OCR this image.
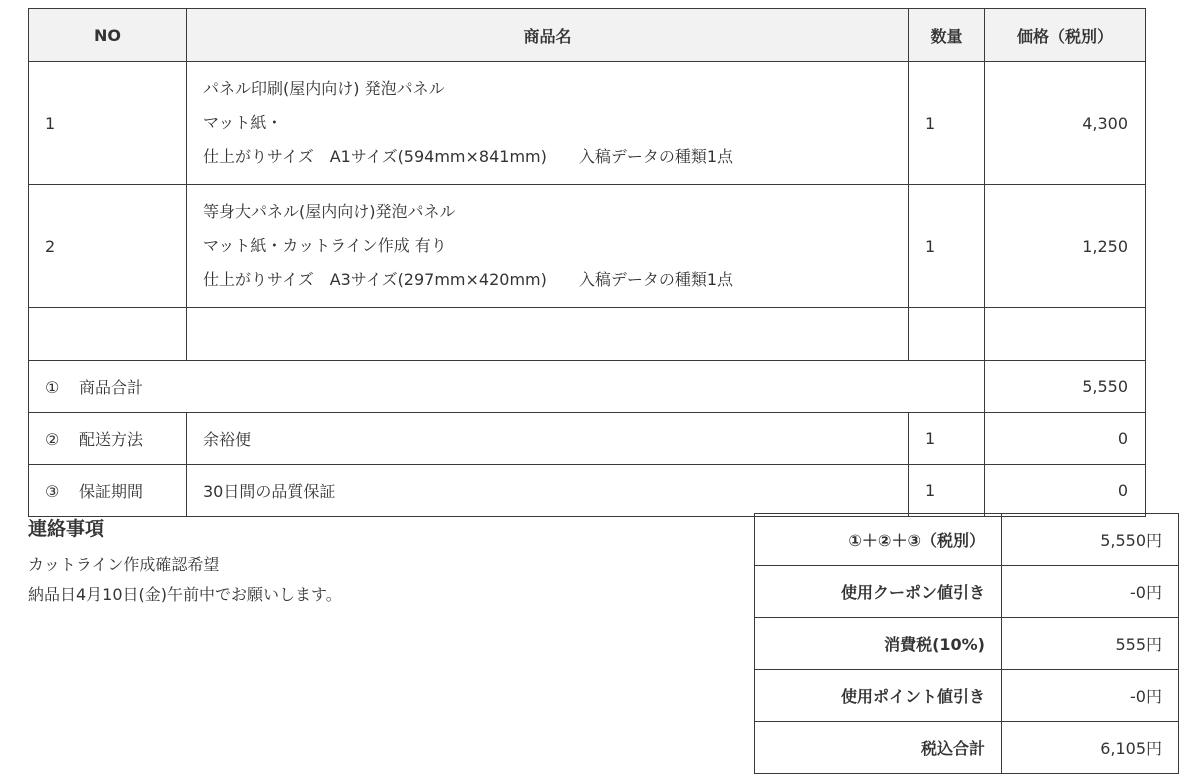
NO	商品名	数量	価格（税別）
1	パネル印刷(屋内向け) 発泡パネル
マット紙・
仕上がりサイズ　A1サイズ(594mm×841mm)　　入稿データの種類1点	1	4,300
2	等身大パネル(屋内向け)発泡パネル
マット紙・カットライン作成 有り
仕上がりサイズ　A3サイズ(297mm×420mm)　　入稿データの種類1点	1	1,250

① 商品合計			5,550
② 配送方法	余裕便	1	0
③ 保証期間	30日間の品質保証	1	0
連絡事項
カットライン作成確認希望
納品日4月10日(金)午前中でお願いします。
①＋②＋③（税別）	5,550円
使用クーポン値引き	-0円
消費税(10%)	555円
使用ポイント値引き	-0円
税込合計	6,105円
